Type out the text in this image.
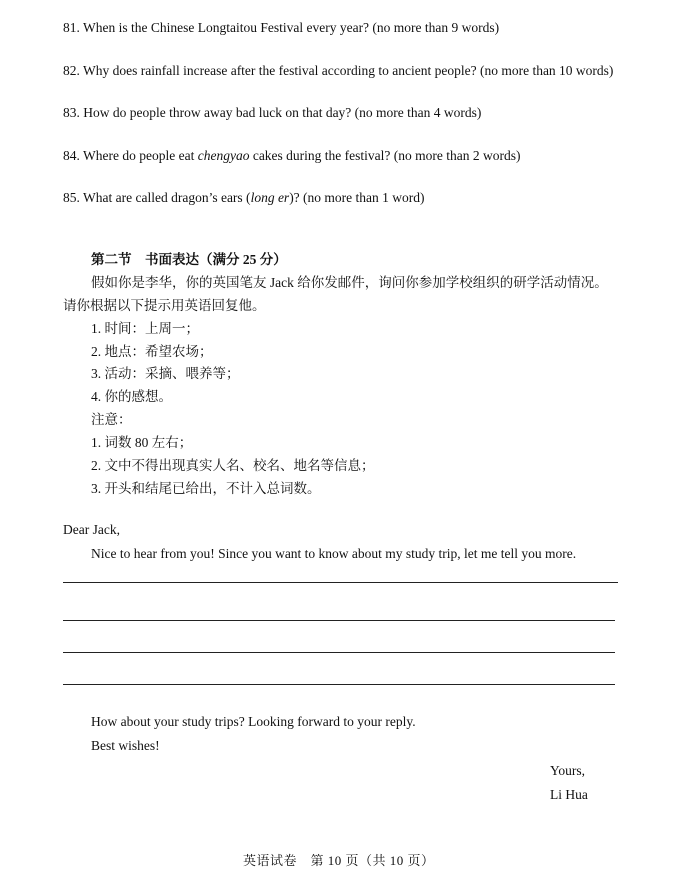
81. When is the Chinese Longtaitou Festival every year? (no more than 9 words)
82. Why does rainfall increase after the festival according to ancient people? (no more than 10 words)
83. How do people throw away bad luck on that day? (no more than 4 words)
84. Where do people eat chengyao cakes during the festival? (no more than 2 words)
85. What are called dragon’s ears (long er)? (no more than 1 word)
第二节　书面表达（满分 25 分）
假如你是李华，你的英国笔友 Jack 给你发邮件，询问你参加学校组织的研学活动情况。
请你根据以下提示用英语回复他。
1. 时间：上周一；
2. 地点：希望农场；
3. 活动：采摘、喂养等；
4. 你的感想。
注意：
1. 词数 80 左右；
2. 文中不得出现真实人名、校名、地名等信息；
3. 开头和结尾已给出，不计入总词数。
Dear Jack,
Nice to hear from you! Since you want to know about my study trip, let me tell you more.
How about your study trips? Looking forward to your reply.
Best wishes!
Yours,
Li Hua
英语试卷　第 10 页（共 10 页）
